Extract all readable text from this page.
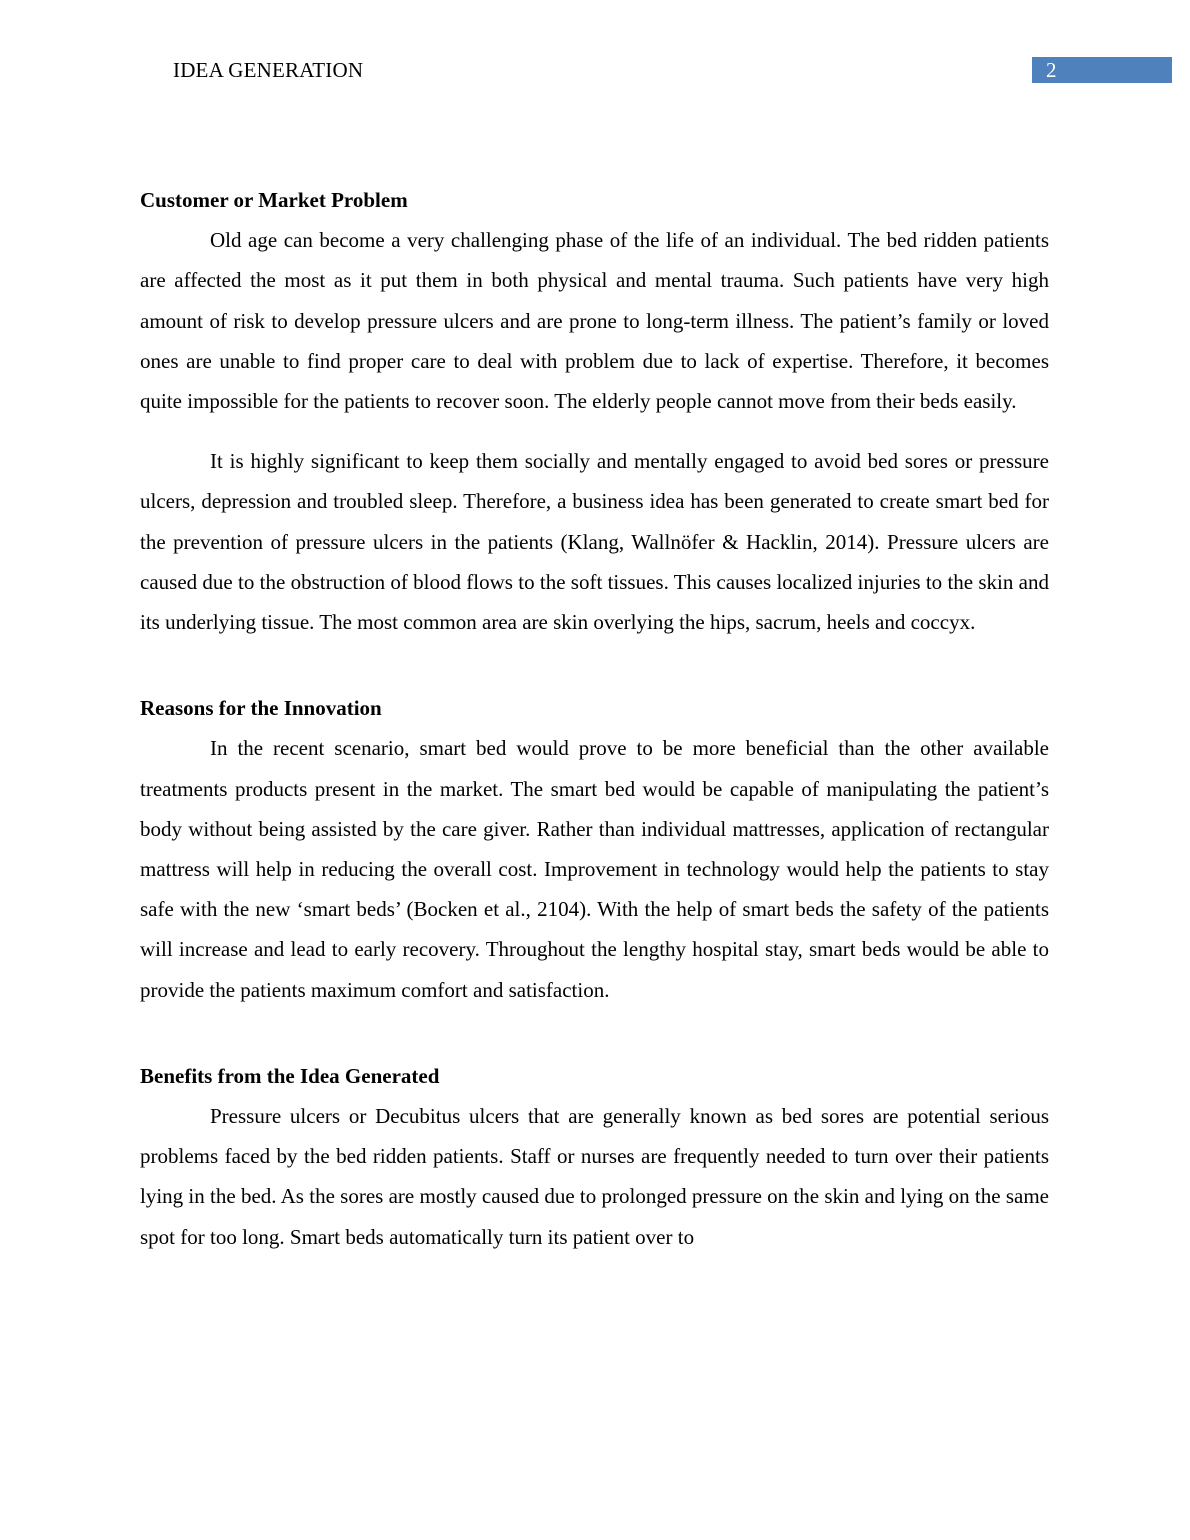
IDEA GENERATION	2
Customer or Market Problem

Old age can become a very challenging phase of the life of an individual. The bed ridden patients are affected the most as it put them in both physical and mental trauma. Such patients have very high amount of risk to develop pressure ulcers and are prone to long-term illness. The patient’s family or loved ones are unable to find proper care to deal with problem due to lack of expertise. Therefore, it becomes quite impossible for the patients to recover soon. The elderly people cannot move from their beds easily.

It is highly significant to keep them socially and mentally engaged to avoid bed sores or pressure ulcers, depression and troubled sleep. Therefore, a business idea has been generated to create smart bed for the prevention of pressure ulcers in the patients (Klang, Wallnöfer & Hacklin, 2014). Pressure ulcers are caused due to the obstruction of blood flows to the soft tissues. This causes localized injuries to the skin and its underlying tissue. The most common area are skin overlying the hips, sacrum, heels and coccyx.

Reasons for the Innovation

In the recent scenario, smart bed would prove to be more beneficial than the other available treatments products present in the market. The smart bed would be capable of manipulating the patient’s body without being assisted by the care giver. Rather than individual mattresses, application of rectangular mattress will help in reducing the overall cost. Improvement in technology would help the patients to stay safe with the new ‘smart beds’ (Bocken et al., 2104). With the help of smart beds the safety of the patients will increase and lead to early recovery. Throughout the lengthy hospital stay, smart beds would be able to provide the patients maximum comfort and satisfaction.

Benefits from the Idea Generated

Pressure ulcers or Decubitus ulcers that are generally known as bed sores are potential serious problems faced by the bed ridden patients. Staff or nurses are frequently needed to turn over their patients lying in the bed. As the sores are mostly caused due to prolonged pressure on the skin and lying on the same spot for too long. Smart beds automatically turn its patient over to
